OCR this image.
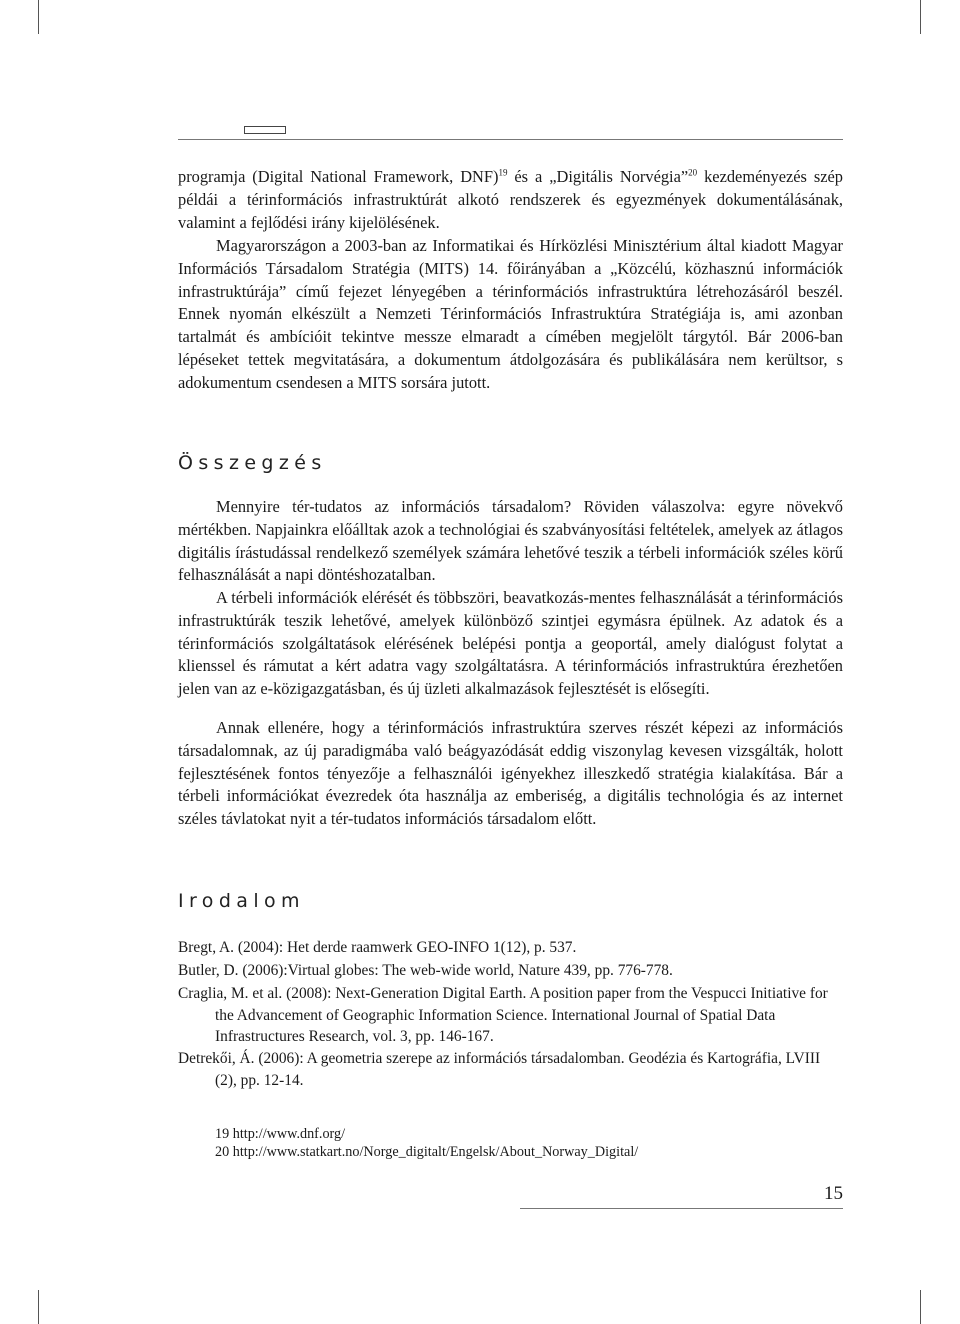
programja (Digital National Framework, DNF)$^{19}$ és a „Digitális Norvégia”$^{20}$ kezdeményezés szép példái a térinformációs infrastruktúrát alkotó rendszerek és egyezmények dokumentálásának, valamint a fejlődési irány kijelölésének.

Magyarországon a 2003-ban az Informatikai és Hírközlési Minisztérium által kiadott Magyar Információs Társadalom Stratégia (MITS) 14. főirányában a „Közcélú, közhasznú információk infrastruktúrája” című fejezet lényegében a térinformációs infrastruktúra létrehozásáról beszél. Ennek nyomán elkészült a Nemzeti Térinformációs Infrastruktúra Stratégiája is, ami azonban tartalmát és ambícióit tekintve messze elmaradt a címében megjelölt tárgytól. Bár 2006-ban lépéseket tettek megvitatására, a dokumentum átdolgozására és publikálására nem kerültsor, s adokumentum csendesen a MITS sorsára jutott.

Összegzés

Mennyire tér-tudatos az információs társadalom? Röviden válaszolva: egyre növekvő mértékben. Napjainkra előálltak azok a technológiai és szabványosítási feltételek, amelyek az átlagos digitális írástudással rendelkező személyek számára lehetővé teszik a térbeli információk széles körű felhasználását a napi döntéshozatalban.

A térbeli információk elérését és többszöri, beavatkozás-mentes felhasználását a térinformációs infrastruktúrák teszik lehetővé, amelyek különböző szintjei egymásra épülnek. Az adatok és a térinformációs szolgáltatások elérésének belépési pontja a geoportál, amely dialógust folytat a klienssel és rámutat a kért adatra vagy szolgáltatásra. A térinformációs infrastruktúra érezhetően jelen van az e-közigazgatásban, és új üzleti alkalmazások fejlesztését is elősegíti.

Annak ellenére, hogy a térinformációs infrastruktúra szerves részét képezi az információs társadalomnak, az új paradigmába való beágyazódását eddig viszonylag kevesen vizsgálták, holott fejlesztésének fontos tényezője a felhasználói igényekhez illeszkedő stratégia kialakítása. Bár a térbeli információkat évezredek óta használja az emberiség, a digitális technológia és az internet széles távlatokat nyit a tér-tudatos információs társadalom előtt.

Irodalom

Bregt, A. (2004): Het derde raamwerk GEO-INFO 1(12), p. 537.

Butler, D. (2006):Virtual globes: The web-wide world, Nature 439, pp. 776-778.

Craglia, M. et al. (2008): Next-Generation Digital Earth. A position paper from the Vespucci Initiative for the Advancement of Geographic Information Science. International Journal of Spatial Data Infrastructures Research, vol. 3, pp. 146-167.

Detrekői, Á. (2006): A geometria szerepe az információs társadalomban. Geodézia és Kartográfia, LVIII (2), pp. 12-14.

19 http://www.dnf.org/

20 http://www.statkart.no/Norge_digitalt/Engelsk/About_Norway_Digital/

15
